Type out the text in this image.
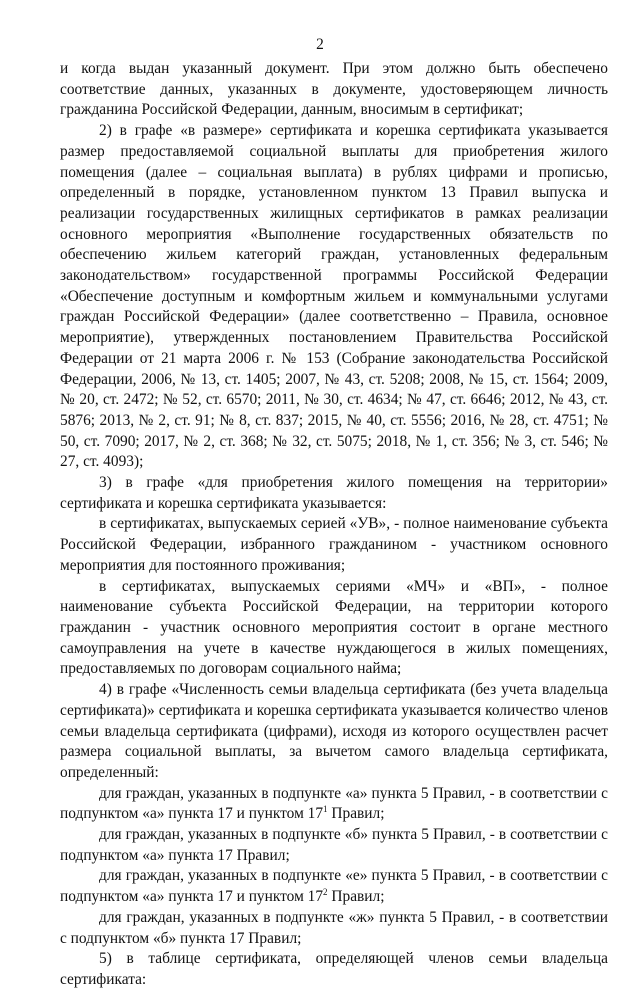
2

и когда выдан указанный документ. При этом должно быть обеспечено соответствие данных, указанных в документе, удостоверяющем личность гражданина Российской Федерации, данным, вносимым в сертификат;

2) в графе «в размере» сертификата и корешка сертификата указывается размер предоставляемой социальной выплаты для приобретения жилого помещения (далее – социальная выплата) в рублях цифрами и прописью, определенный в порядке, установленном пунктом 13 Правил выпуска и реализации государственных жилищных сертификатов в рамках реализации основного мероприятия «Выполнение государственных обязательств по обеспечению жильем категорий граждан, установленных федеральным законодательством» государственной программы Российской Федерации «Обеспечение доступным и комфортным жильем и коммунальными услугами граждан Российской Федерации» (далее соответственно – Правила, основное мероприятие), утвержденных постановлением Правительства Российской Федерации от 21 марта 2006 г. № 153 (Собрание законодательства Российской Федерации, 2006, № 13, ст. 1405; 2007, № 43, ст. 5208; 2008, № 15, ст. 1564; 2009, № 20, ст. 2472; № 52, ст. 6570; 2011, № 30, ст. 4634; № 47, ст. 6646; 2012, № 43, ст. 5876; 2013, № 2, ст. 91; № 8, ст. 837; 2015, № 40, ст. 5556; 2016, № 28, ст. 4751; № 50, ст. 7090; 2017, № 2, ст. 368; № 32, ст. 5075; 2018, № 1, ст. 356; № 3, ст. 546; № 27, ст. 4093);

3) в графе «для приобретения жилого помещения на территории» сертификата и корешка сертификата указывается:

в сертификатах, выпускаемых серией «УВ», - полное наименование субъекта Российской Федерации, избранного гражданином - участником основного мероприятия для постоянного проживания;

в сертификатах, выпускаемых сериями «МЧ» и «ВП», - полное наименование субъекта Российской Федерации, на территории которого гражданин - участник основного мероприятия состоит в органе местного самоуправления на учете в качестве нуждающегося в жилых помещениях, предоставляемых по договорам социального найма;

4) в графе «Численность семьи владельца сертификата (без учета владельца сертификата)» сертификата и корешка сертификата указывается количество членов семьи владельца сертификата (цифрами), исходя из которого осуществлен расчет размера социальной выплаты, за вычетом самого владельца сертификата, определенный:

для граждан, указанных в подпункте «а» пункта 5 Правил, - в соответствии с подпунктом «а» пункта 17 и пунктом $17^1$ Правил;

для граждан, указанных в подпункте «б» пункта 5 Правил, - в соответствии с подпунктом «а» пункта 17 Правил;

для граждан, указанных в подпункте «е» пункта 5 Правил, - в соответствии с подпунктом «а» пункта 17 и пунктом $17^2$ Правил;

для граждан, указанных в подпункте «ж» пункта 5 Правил, - в соответствии с подпунктом «б» пункта 17 Правил;

5) в таблице сертификата, определяющей членов семьи владельца сертификата:
